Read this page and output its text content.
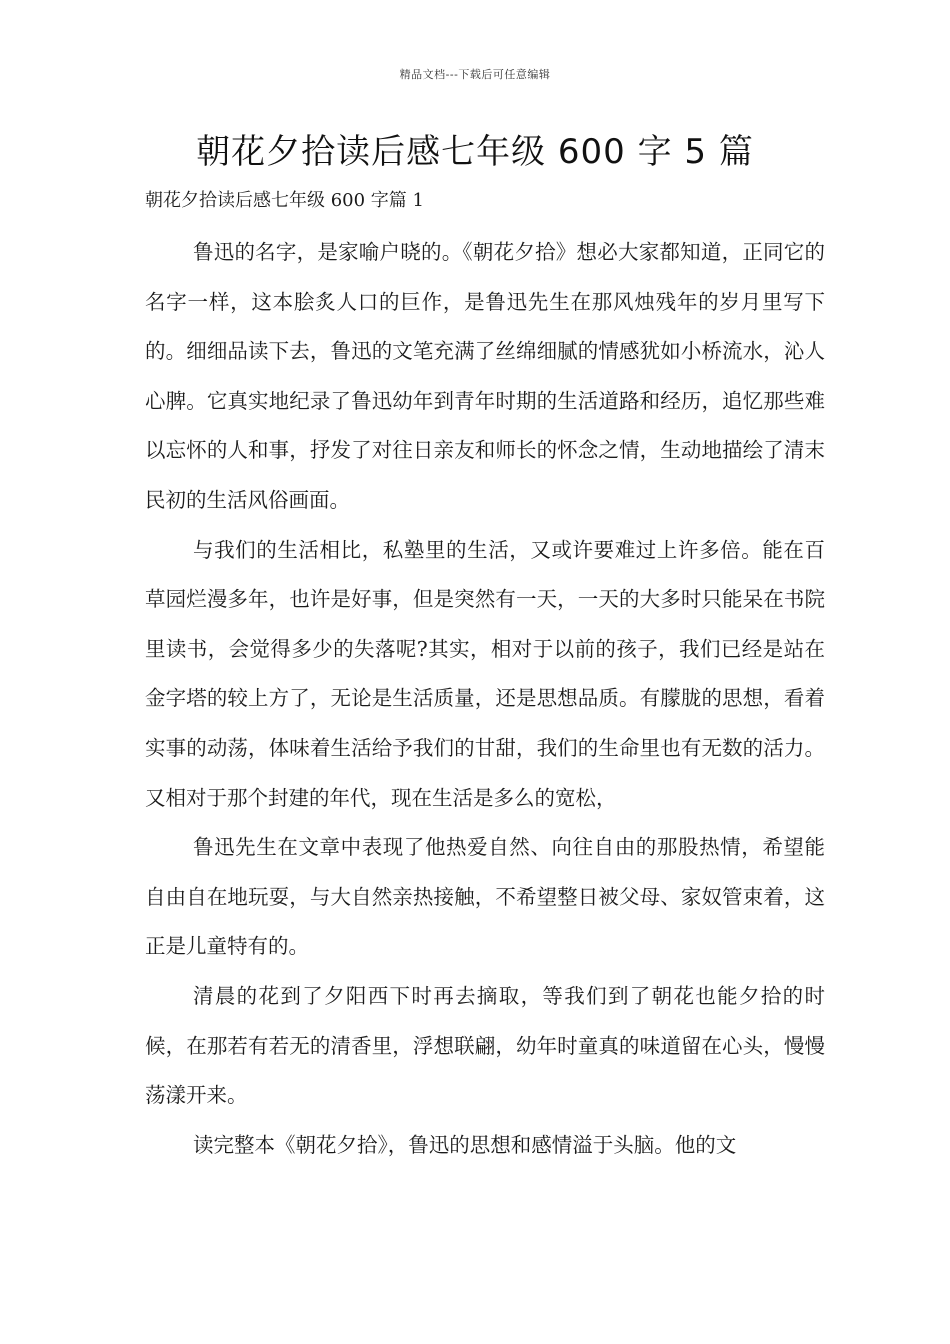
精品文档---下载后可任意编辑
朝花夕拾读后感七年级 600 字 5 篇
朝花夕拾读后感七年级 600 字篇 1

鲁迅的名字，是家喻户晓的。《朝花夕拾》想必大家都知道，正同它的名字一样，这本脍炙人口的巨作，是鲁迅先生在那风烛残年的岁月里写下的。细细品读下去，鲁迅的文笔充满了丝绵细腻的情感犹如小桥流水，沁人心脾。它真实地纪录了鲁迅幼年到青年时期的生活道路和经历，追忆那些难以忘怀的人和事，抒发了对往日亲友和师长的怀念之情，生动地描绘了清末民初的生活风俗画面。

与我们的生活相比，私塾里的生活，又或许要难过上许多倍。能在百草园烂漫多年，也许是好事，但是突然有一天，一天的大多时只能呆在书院里读书，会觉得多少的失落呢?其实，相对于以前的孩子，我们已经是站在金字塔的较上方了，无论是生活质量，还是思想品质。有朦胧的思想，看着实事的动荡，体味着生活给予我们的甘甜，我们的生命里也有无数的活力。又相对于那个封建的年代，现在生活是多么的宽松，

鲁迅先生在文章中表现了他热爱自然、向往自由的那股热情，希望能自由自在地玩耍，与大自然亲热接触，不希望整日被父母、家奴管束着，这正是儿童特有的。

清晨的花到了夕阳西下时再去摘取，等我们到了朝花也能夕拾的时候，在那若有若无的清香里，浮想联翩，幼年时童真的味道留在心头，慢慢荡漾开来。

读完整本《朝花夕拾》，鲁迅的思想和感情溢于头脑。他的文
